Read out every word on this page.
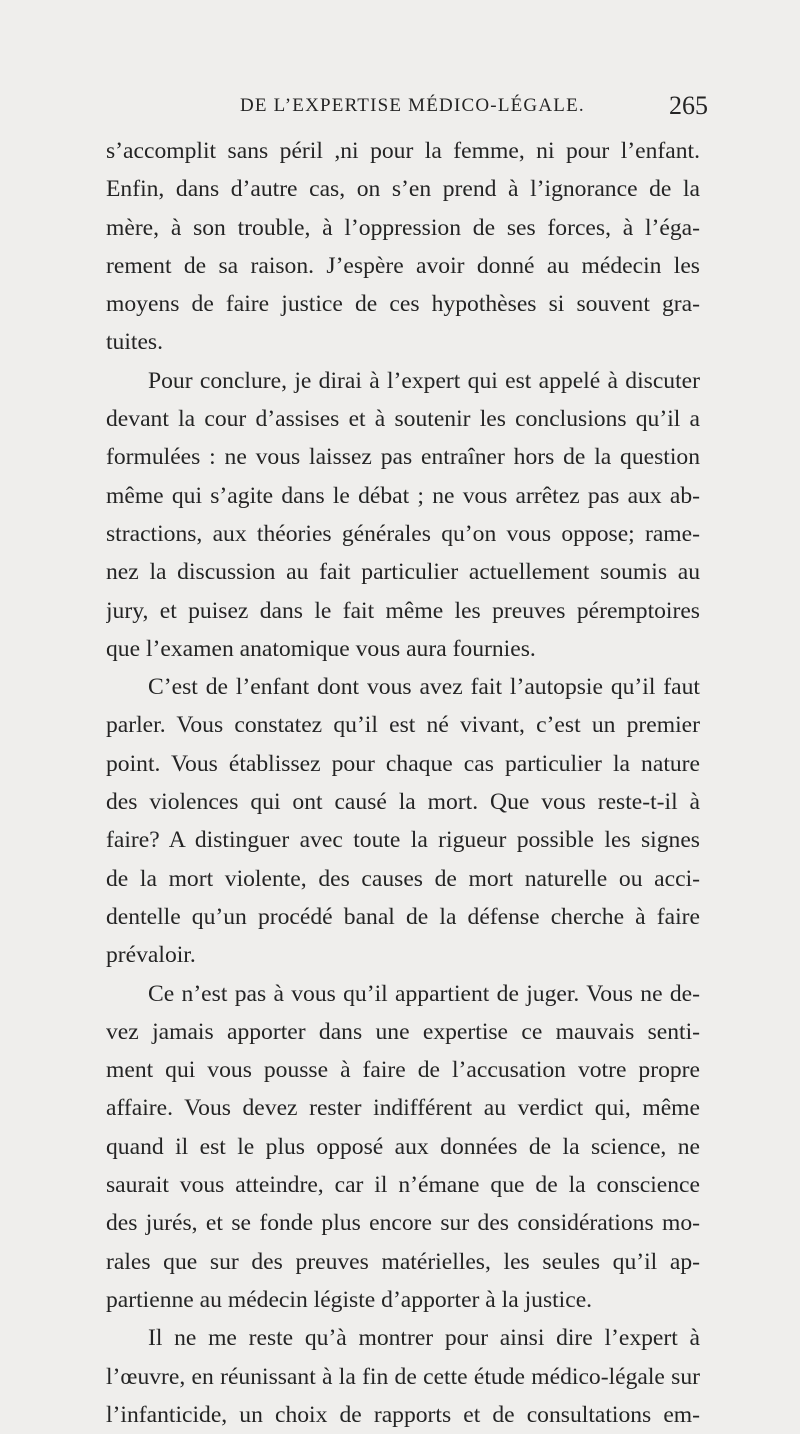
DE L’EXPERTISE MÉDICO-LÉGALE.	265
s’accomplit sans péril ,ni pour la femme, ni pour l’enfant.
Enfin, dans d’autre cas, on s’en prend à l’ignorance de la
mère, à son trouble, à l’oppression de ses forces, à l’éga-
rement de sa raison. J’espère avoir donné au médecin les
moyens de faire justice de ces hypothèses si souvent gra-
tuites.
Pour conclure, je dirai à l’expert qui est appelé à discuter
devant la cour d’assises et à soutenir les conclusions qu’il a
formulées : ne vous laissez pas entraîner hors de la question
même qui s’agite dans le débat ; ne vous arrêtez pas aux ab-
stractions, aux théories générales qu’on vous oppose; rame-
nez la discussion au fait particulier actuellement soumis au
jury, et puisez dans le fait même les preuves péremptoires
que l’examen anatomique vous aura fournies.
C’est de l’enfant dont vous avez fait l’autopsie qu’il faut
parler. Vous constatez qu’il est né vivant, c’est un premier
point. Vous établissez pour chaque cas particulier la nature
des violences qui ont causé la mort. Que vous reste-t-il à
faire? A distinguer avec toute la rigueur possible les signes
de la mort violente, des causes de mort naturelle ou acci-
dentelle qu’un procédé banal de la défense cherche à faire
prévaloir.
Ce n’est pas à vous qu’il appartient de juger. Vous ne de-
vez jamais apporter dans une expertise ce mauvais senti-
ment qui vous pousse à faire de l’accusation votre propre
affaire. Vous devez rester indifférent au verdict qui, même
quand il est le plus opposé aux données de la science, ne
saurait vous atteindre, car il n’émane que de la conscience
des jurés, et se fonde plus encore sur des considérations mo-
rales que sur des preuves matérielles, les seules qu’il ap-
partienne au médecin légiste d’apporter à la justice.
Il ne me reste qu’à montrer pour ainsi dire l’expert à
l’œuvre, en réunissant à la fin de cette étude médico-légale sur
l’infanticide, un choix de rapports et de consultations em-
